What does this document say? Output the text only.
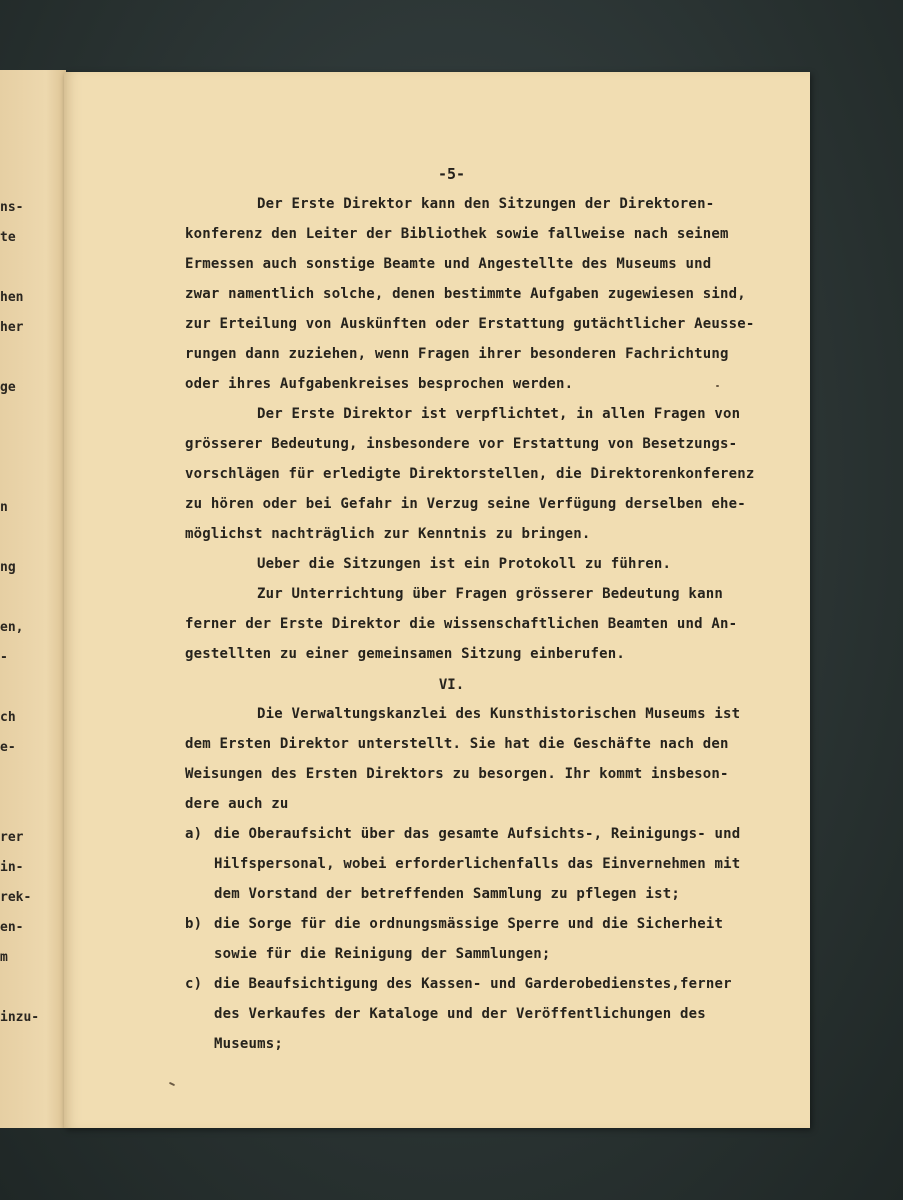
ns-
te
hen
her
ge
n
ng
en,
-
ch
e-
rer
in-
rek-
en-
m
inzu-
-5-
Der Erste Direktor kann den Sitzungen der Direktoren-
konferenz den Leiter der Bibliothek sowie fallweise nach seinem
Ermessen auch sonstige Beamte und Angestellte des Museums und
zwar namentlich solche, denen bestimmte Aufgaben zugewiesen sind,
zur Erteilung von Auskünften oder Erstattung gutächtlicher Aeusse-
rungen dann zuziehen, wenn Fragen ihrer besonderen Fachrichtung
oder ihres Aufgabenkreises besprochen werden.
Der Erste Direktor ist verpflichtet, in allen Fragen von
grösserer Bedeutung, insbesondere vor Erstattung von Besetzungs-
vorschlägen für erledigte Direktorstellen, die Direktorenkonferenz
zu hören oder bei Gefahr in Verzug seine Verfügung derselben ehe-
möglichst nachträglich zur Kenntnis zu bringen.
Ueber die Sitzungen ist ein Protokoll zu führen.
Zur Unterrichtung über Fragen grösserer Bedeutung kann
ferner der Erste Direktor die wissenschaftlichen Beamten und An-
gestellten zu einer gemeinsamen Sitzung einberufen.
VI.
Die Verwaltungskanzlei des Kunsthistorischen Museums ist
dem Ersten Direktor unterstellt. Sie hat die Geschäfte nach den
Weisungen des Ersten Direktors zu besorgen. Ihr kommt insbeson-
dere auch zu
a) die Oberaufsicht über das gesamte Aufsichts-, Reinigungs- und
Hilfspersonal, wobei erforderlichenfalls das Einvernehmen mit
dem Vorstand der betreffenden Sammlung zu pflegen ist;
b) die Sorge für die ordnungsmässige Sperre und die Sicherheit
sowie für die Reinigung der Sammlungen;
c) die Beaufsichtigung des Kassen- und Garderobedienstes,ferner
des Verkaufes der Kataloge und der Veröffentlichungen des
Museums;
